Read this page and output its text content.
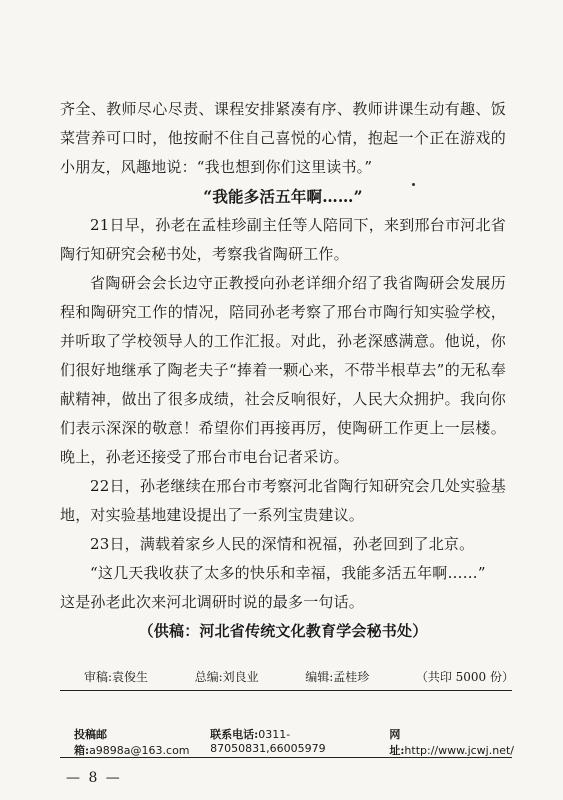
齐全、教师尽心尽责、课程安排紧凑有序、教师讲课生动有趣、饭菜营养可口时，他按耐不住自己喜悦的心情，抱起一个正在游戏的小朋友，风趣地说：“我也想到你们这里读书。”

“我能多活五年啊……”

21日早，孙老在孟桂珍副主任等人陪同下，来到邢台市河北省陶行知研究会秘书处，考察我省陶研工作。

省陶研会会长边守正教授向孙老详细介绍了我省陶研会发展历程和陶研究工作的情况，陪同孙老考察了邢台市陶行知实验学校，并听取了学校领导人的工作汇报。对此，孙老深感满意。他说，你们很好地继承了陶老夫子“捧着一颗心来，不带半根草去”的无私奉献精神，做出了很多成绩，社会反响很好，人民大众拥护。我向你们表示深深的敬意！希望你们再接再厉，使陶研工作更上一层楼。晚上，孙老还接受了邢台市电台记者采访。

22日，孙老继续在邢台市考察河北省陶行知研究会几处实验基地，对实验基地建设提出了一系列宝贵建议。

23日，满载着家乡人民的深情和祝福，孙老回到了北京。

“这几天我收获了太多的快乐和幸福，我能多活五年啊……”

这是孙老此次来河北调研时说的最多一句话。

（供稿：河北省传统文化教育学会秘书处）

审稿:袁俊生	总编:刘良业	编辑:孟桂珍	（共印 5000 份）
投稿邮箱:a9898a@163.com
联系电话:0311-87050831,66005979
网址:http://www.jcwj.net/
— 8 —
